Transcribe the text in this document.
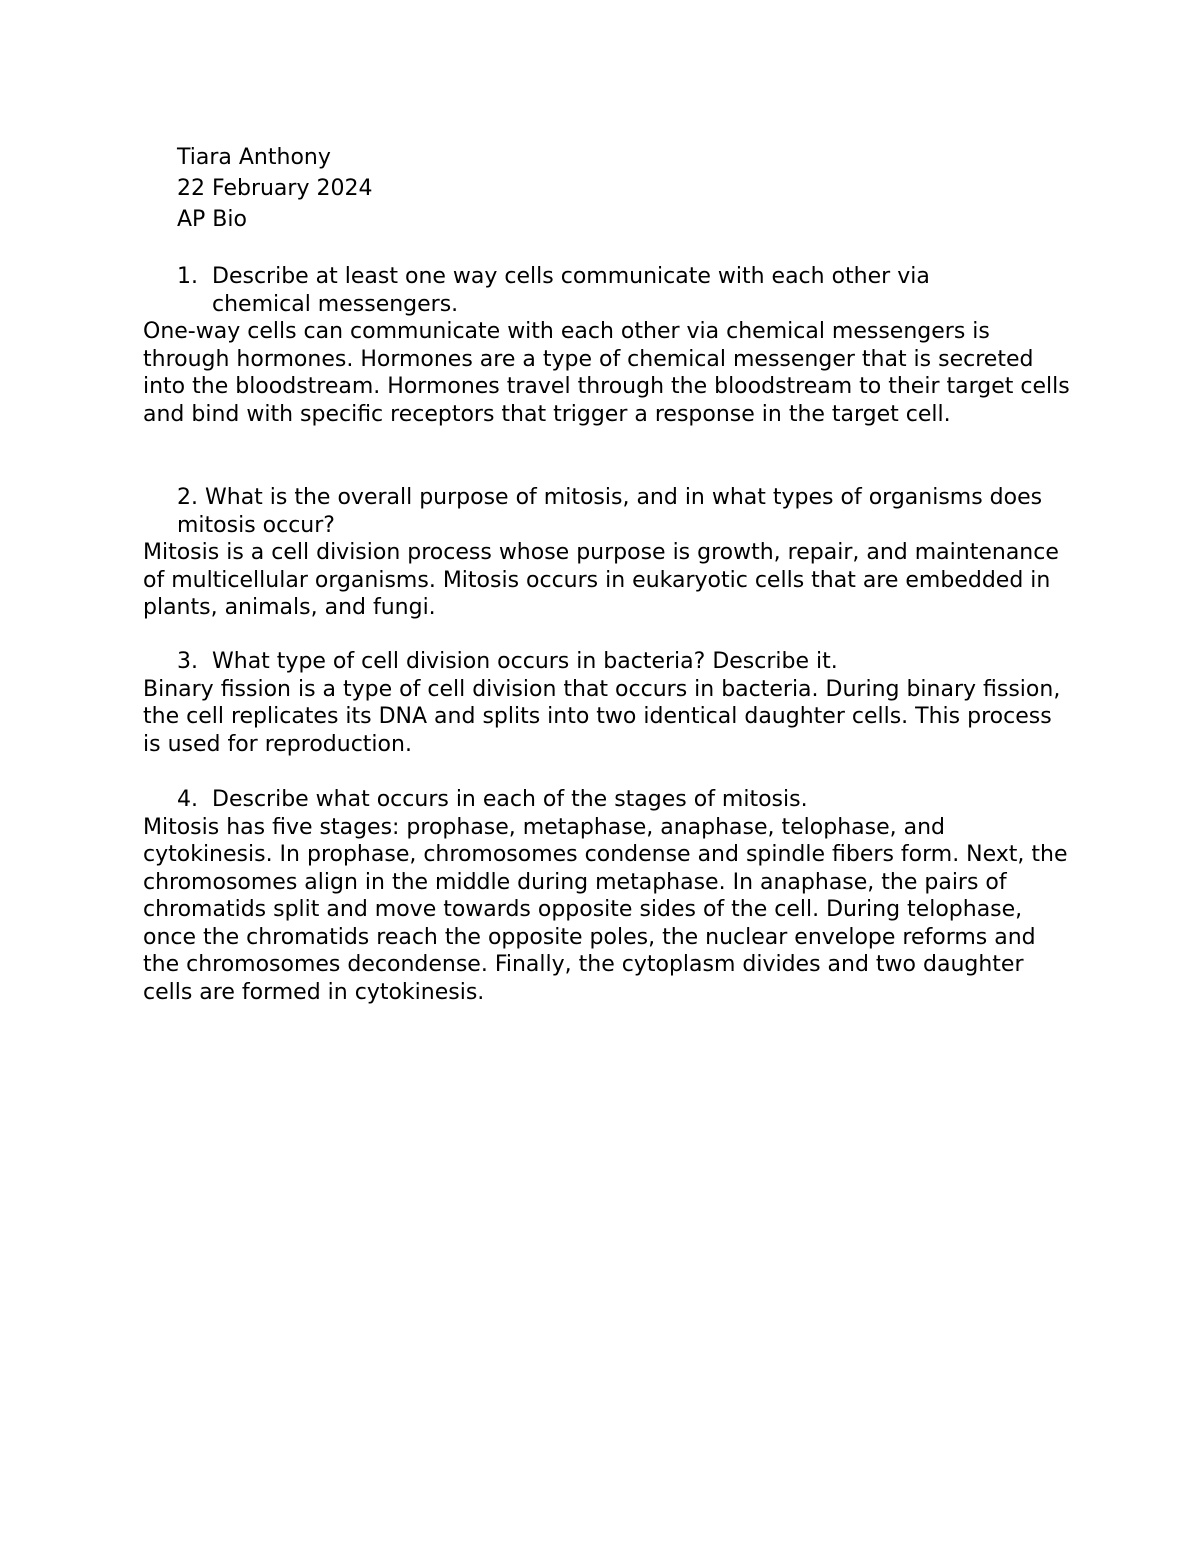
Tiara Anthony
22 February 2024
AP Bio
1. Describe at least one way cells communicate with each other via chemical messengers.
One-way cells can communicate with each other via chemical messengers is through hormones. Hormones are a type of chemical messenger that is secreted into the bloodstream. Hormones travel through the bloodstream to their target cells and bind with specific receptors that trigger a response in the target cell.
2. What is the overall purpose of mitosis, and in what types of organisms does mitosis occur?
Mitosis is a cell division process whose purpose is growth, repair, and maintenance of multicellular organisms. Mitosis occurs in eukaryotic cells that are embedded in plants, animals, and fungi.
3. What type of cell division occurs in bacteria? Describe it.
Binary fission is a type of cell division that occurs in bacteria. During binary fission, the cell replicates its DNA and splits into two identical daughter cells. This process is used for reproduction.
4. Describe what occurs in each of the stages of mitosis.
Mitosis has five stages: prophase, metaphase, anaphase, telophase, and cytokinesis. In prophase, chromosomes condense and spindle fibers form. Next, the chromosomes align in the middle during metaphase. In anaphase, the pairs of chromatids split and move towards opposite sides of the cell. During telophase, once the chromatids reach the opposite poles, the nuclear envelope reforms and the chromosomes decondense. Finally, the cytoplasm divides and two daughter cells are formed in cytokinesis.
